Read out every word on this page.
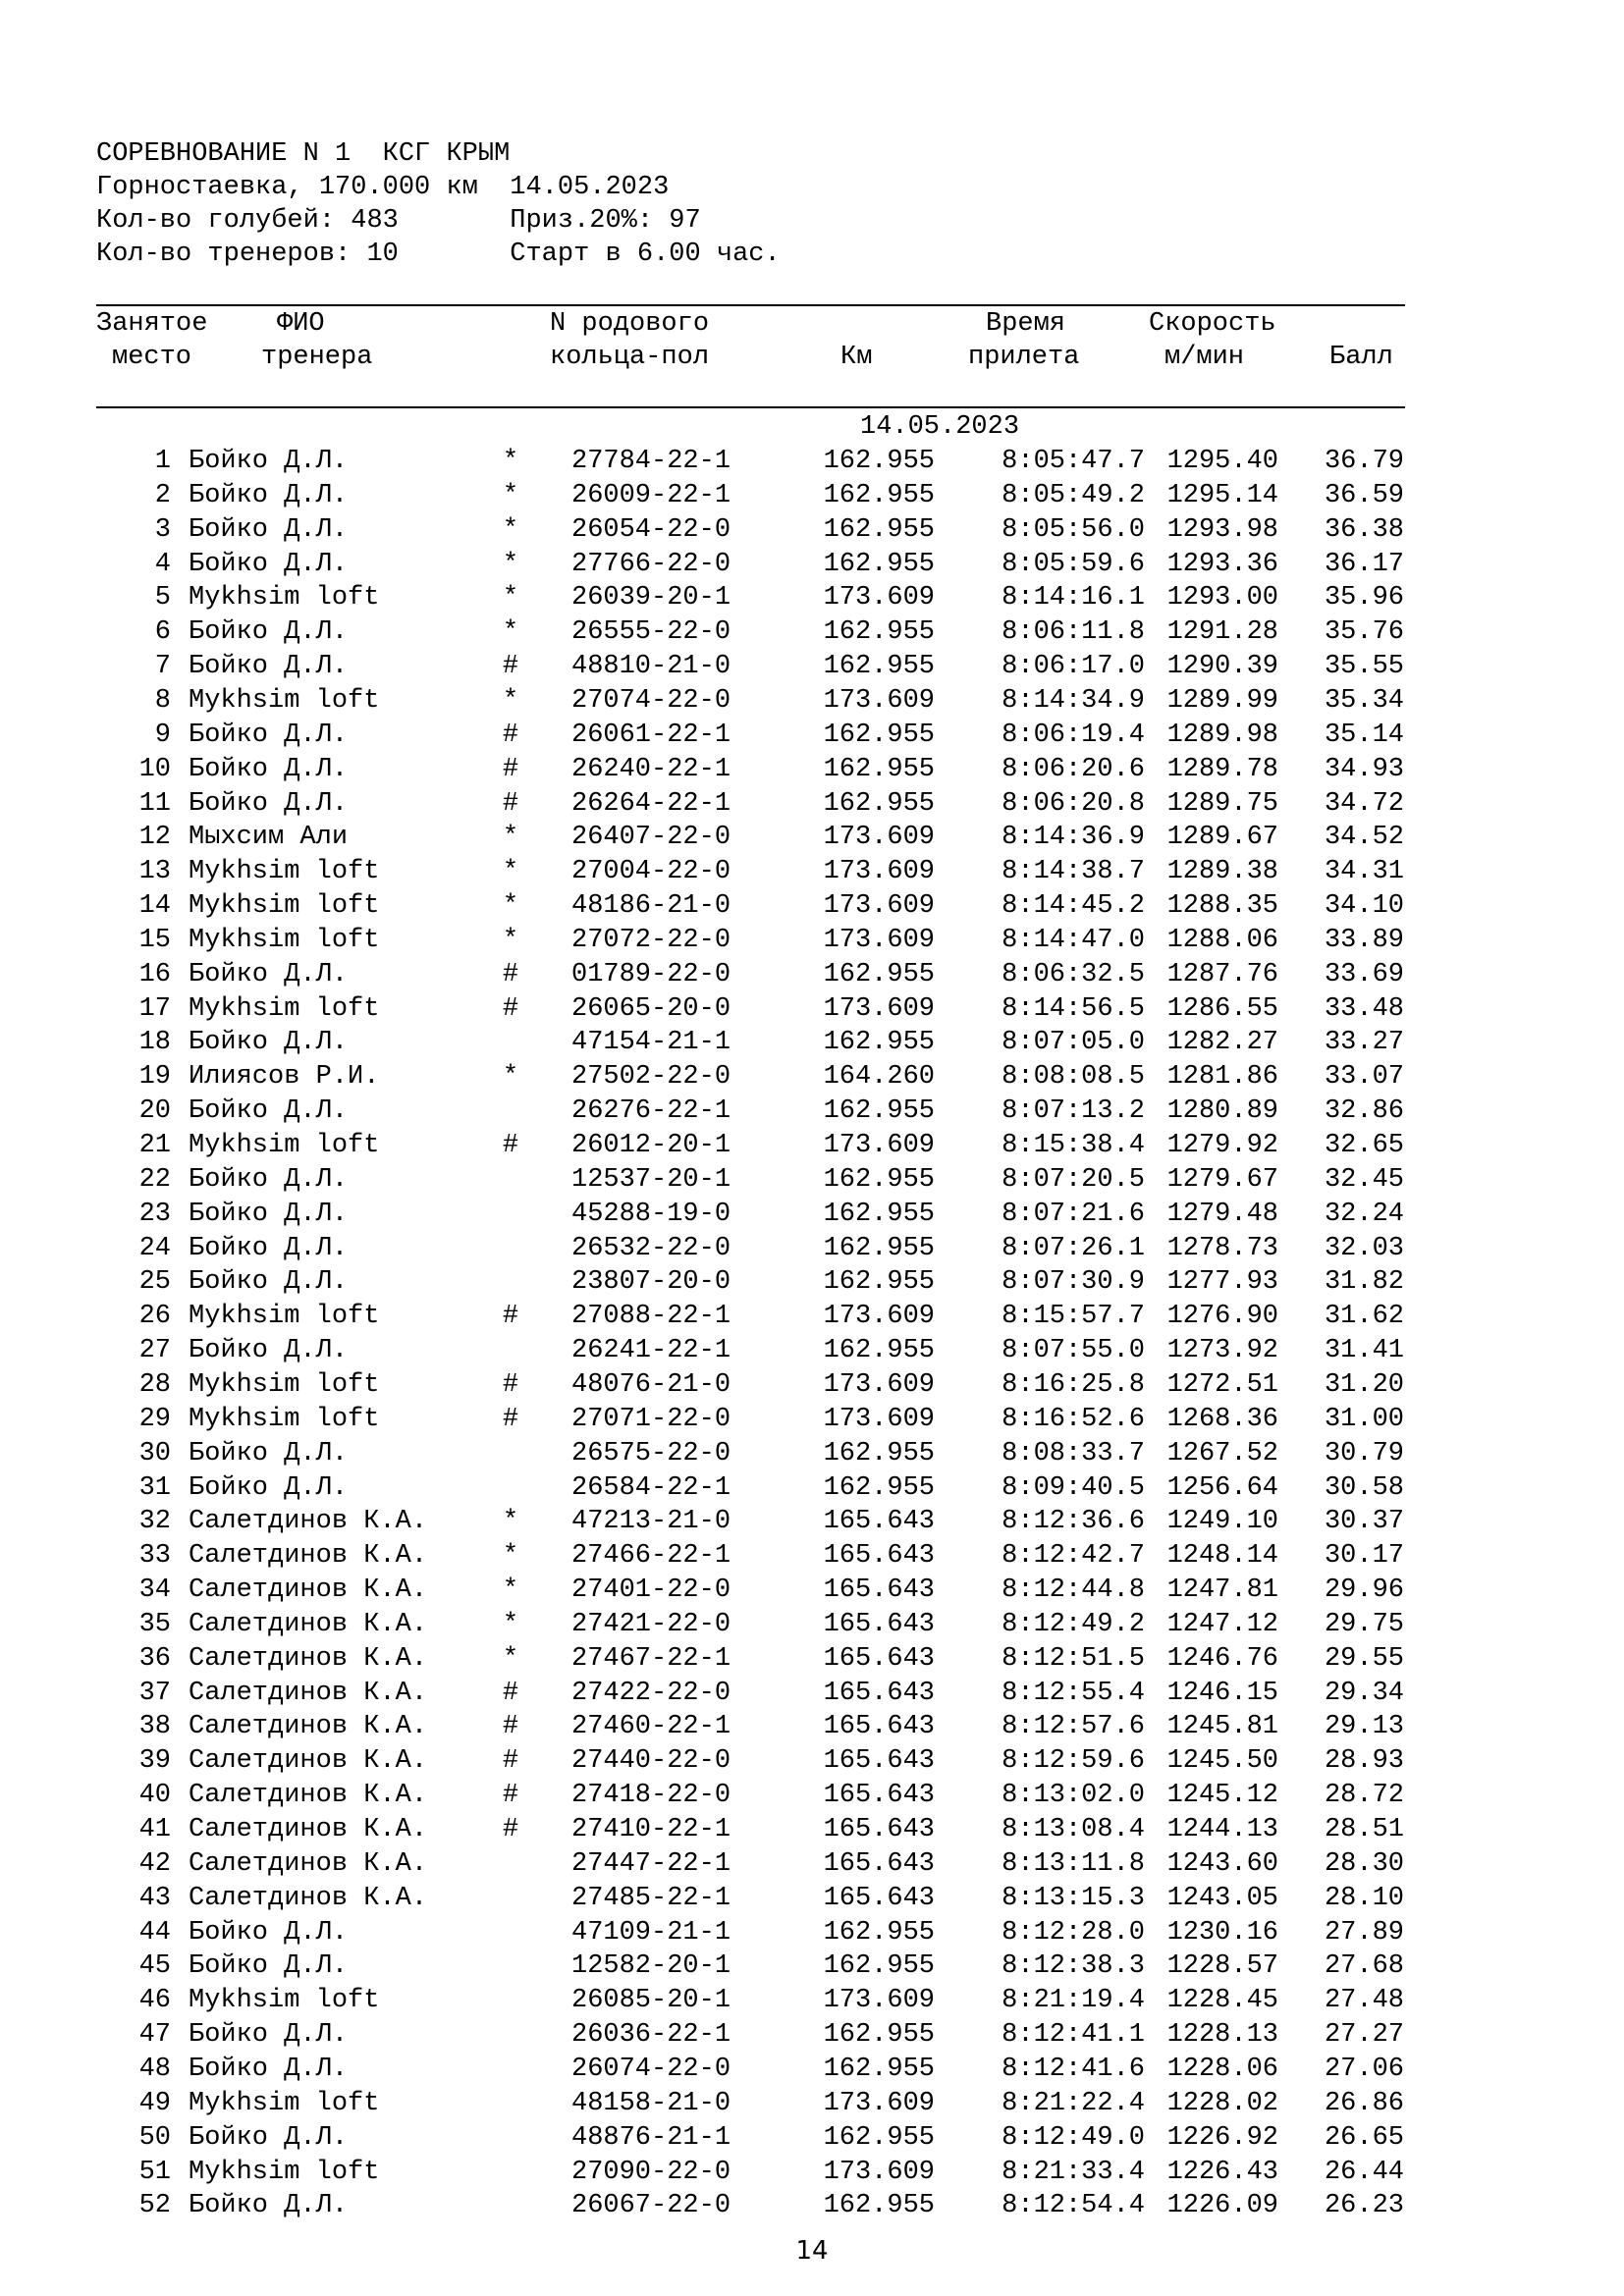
СОРЕВНОВАНИЕ N 1  КСГ КРЫМ
Горностаевка, 170.000 км  14.05.2023
Кол-во голубей: 483       Приз.20%: 97
Кол-во тренеров: 10       Старт в 6.00 час.
Занятое
место
ФИО
тренера
N родового
кольца-пол	Км
Время
прилета
Скорость
м/мин	Балл
14.05.2023
1 Бойко Д.Л.	* 27784-22-1	162.955	8:05:47.7 1295.40	36.79
2 Бойко Д.Л.	* 26009-22-1	162.955	8:05:49.2 1295.14	36.59
3 Бойко Д.Л.	* 26054-22-0	162.955	8:05:56.0 1293.98	36.38
4 Бойко Д.Л.	* 27766-22-0	162.955	8:05:59.6 1293.36	36.17
5 Mykhsim loft	* 26039-20-1	173.609	8:14:16.1 1293.00	35.96
6 Бойко Д.Л.	* 26555-22-0	162.955	8:06:11.8 1291.28	35.76
7 Бойко Д.Л.	# 48810-21-0	162.955	8:06:17.0 1290.39	35.55
8 Mykhsim loft	* 27074-22-0	173.609	8:14:34.9 1289.99	35.34
9 Бойко Д.Л.	# 26061-22-1	162.955	8:06:19.4 1289.98	35.14
10 Бойко Д.Л.	# 26240-22-1	162.955	8:06:20.6 1289.78	34.93
11 Бойко Д.Л.	# 26264-22-1	162.955	8:06:20.8 1289.75	34.72
12 Мыхсим Али	* 26407-22-0	173.609	8:14:36.9 1289.67	34.52
13 Mykhsim loft	* 27004-22-0	173.609	8:14:38.7 1289.38	34.31
14 Mykhsim loft	* 48186-21-0	173.609	8:14:45.2 1288.35	34.10
15 Mykhsim loft	* 27072-22-0	173.609	8:14:47.0 1288.06	33.89
16 Бойко Д.Л.	# 01789-22-0	162.955	8:06:32.5 1287.76	33.69
17 Mykhsim loft	# 26065-20-0	173.609	8:14:56.5 1286.55	33.48
18 Бойко Д.Л.	47154-21-1	162.955	8:07:05.0 1282.27	33.27
19 Илиясов Р.И.	* 27502-22-0	164.260	8:08:08.5 1281.86	33.07
20 Бойко Д.Л.	26276-22-1	162.955	8:07:13.2 1280.89	32.86
21 Mykhsim loft	# 26012-20-1	173.609	8:15:38.4 1279.92	32.65
22 Бойко Д.Л.	12537-20-1	162.955	8:07:20.5 1279.67	32.45
23 Бойко Д.Л.	45288-19-0	162.955	8:07:21.6 1279.48	32.24
24 Бойко Д.Л.	26532-22-0	162.955	8:07:26.1 1278.73	32.03
25 Бойко Д.Л.	23807-20-0	162.955	8:07:30.9 1277.93	31.82
26 Mykhsim loft	# 27088-22-1	173.609	8:15:57.7 1276.90	31.62
27 Бойко Д.Л.	26241-22-1	162.955	8:07:55.0 1273.92	31.41
28 Mykhsim loft	# 48076-21-0	173.609	8:16:25.8 1272.51	31.20
29 Mykhsim loft	# 27071-22-0	173.609	8:16:52.6 1268.36	31.00
30 Бойко Д.Л.	26575-22-0	162.955	8:08:33.7 1267.52	30.79
31 Бойко Д.Л.	26584-22-1	162.955	8:09:40.5 1256.64	30.58
32 Салетдинов К.А.	* 47213-21-0	165.643	8:12:36.6 1249.10	30.37
33 Салетдинов К.А.	* 27466-22-1	165.643	8:12:42.7 1248.14	30.17
34 Салетдинов К.А.	* 27401-22-0	165.643	8:12:44.8 1247.81	29.96
35 Салетдинов К.А.	* 27421-22-0	165.643	8:12:49.2 1247.12	29.75
36 Салетдинов К.А.	* 27467-22-1	165.643	8:12:51.5 1246.76	29.55
37 Салетдинов К.А.	# 27422-22-0	165.643	8:12:55.4 1246.15	29.34
38 Салетдинов К.А.	# 27460-22-1	165.643	8:12:57.6 1245.81	29.13
39 Салетдинов К.А.	# 27440-22-0	165.643	8:12:59.6 1245.50	28.93
40 Салетдинов К.А.	# 27418-22-0	165.643	8:13:02.0 1245.12	28.72
41 Салетдинов К.А.	# 27410-22-1	165.643	8:13:08.4 1244.13	28.51
42 Салетдинов К.А.	27447-22-1	165.643	8:13:11.8 1243.60	28.30
43 Салетдинов К.А.	27485-22-1	165.643	8:13:15.3 1243.05	28.10
44 Бойко Д.Л.	47109-21-1	162.955	8:12:28.0 1230.16	27.89
45 Бойко Д.Л.	12582-20-1	162.955	8:12:38.3 1228.57	27.68
46 Mykhsim loft	26085-20-1	173.609	8:21:19.4 1228.45	27.48
47 Бойко Д.Л.	26036-22-1	162.955	8:12:41.1 1228.13	27.27
48 Бойко Д.Л.	26074-22-0	162.955	8:12:41.6 1228.06	27.06
49 Mykhsim loft	48158-21-0	173.609	8:21:22.4 1228.02	26.86
50 Бойко Д.Л.	48876-21-1	162.955	8:12:49.0 1226.92	26.65
51 Mykhsim loft	27090-22-0	173.609	8:21:33.4 1226.43	26.44
52 Бойко Д.Л.	26067-22-0	162.955	8:12:54.4 1226.09	26.23
14
